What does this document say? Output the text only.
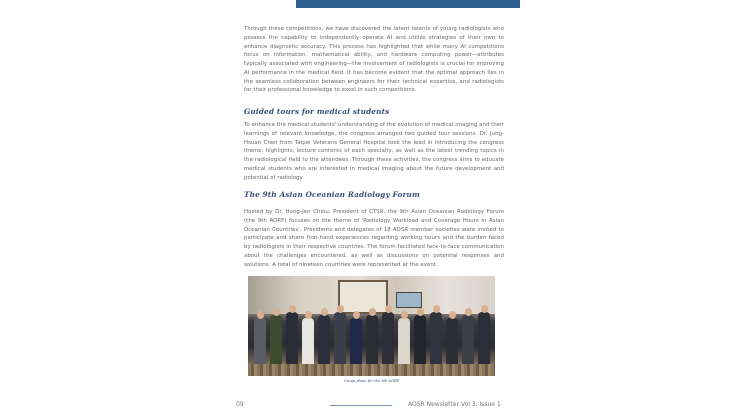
Through these competitions, we have discovered the latent talents of young radiologists who possess the capability to independently operate AI and utilize strategies of their own to enhance diagnostic accuracy. This process has highlighted that while many AI competitions focus on information, mathematical ability, and hardware computing power—attributes typically associated with engineering—the involvement of radiologists is crucial for improving AI performance in the medical field. It has become evident that the optimal approach lies in the seamless collaboration between engineers for their technical expertise, and radiologists for their professional knowledge to excel in such competitions.

Guided tours for medical students

To enhance the medical students' understanding of the evolution of medical imaging and their learnings of relevant knowledge, the congress arranged two guided tour sessions. Dr. Jung-Hsuan Chen from Taipei Veterans General Hospital took the lead in introducing the congress theme, highlights, lecture contents of each specialty, as well as the latest trending topics in the radiological field to the attendees. Through these activities, the congress aims to educate medical students who are interested in medical imaging about the future development and potential of radiology.

The 9th Asian Oceanian Radiology Forum

Hosted by Dr. Hong-Jen Chiou, President of CTSR, the 9th Asian Oceanian Radiology Forum (the 9th AORF) focuses on the theme of 'Radiology Workload and Coverage Hours in Asian Oceanian Countries'. Presidents and delegates of 18 AOSR member societies were invited to participate and share first-hand experiences regarding working hours and the burden faced by radiologists in their respective countries. The forum facilitated face-to-face communication about the challenges encountered, as well as discussions on potential responses and solutions. A total of nineteen countries were represented at the event.

Group photo for the 9th AORF
09	AOSR Newsletter Vol 3, Issue 1
